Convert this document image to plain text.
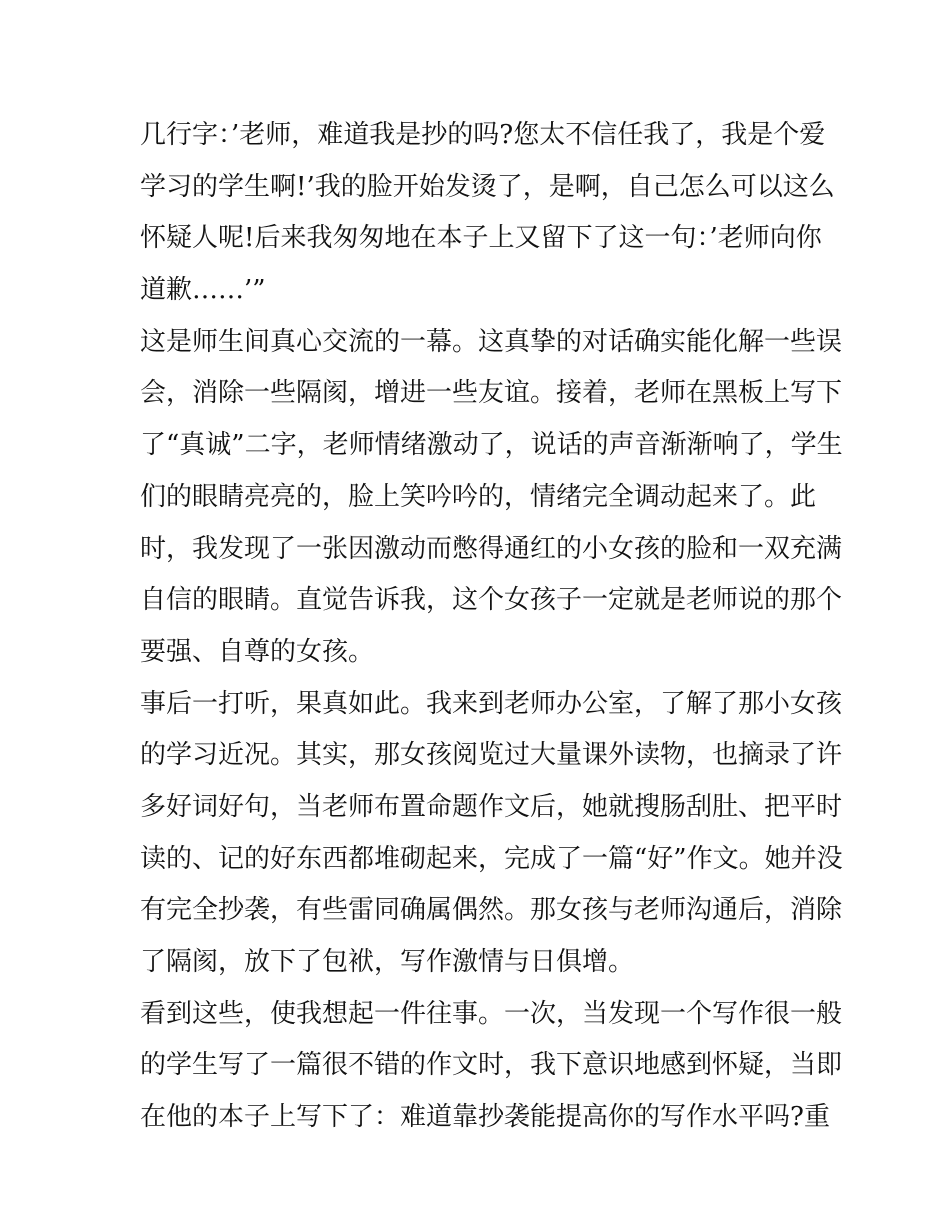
几行字：’老师，难道我是抄的吗?您太不信任我了，我是个爱
学习的学生啊!’我的脸开始发烫了，是啊，自己怎么可以这么
怀疑人呢!后来我匆匆地在本子上又留下了这一句：’老师向你
道歉……’”
这是师生间真心交流的一幕。这真挚的对话确实能化解一些误
会，消除一些隔阂，增进一些友谊。接着，老师在黑板上写下
了“真诚”二字，老师情绪激动了，说话的声音渐渐响了，学生
们的眼睛亮亮的，脸上笑吟吟的，情绪完全调动起来了。此
时，我发现了一张因激动而憋得通红的小女孩的脸和一双充满
自信的眼睛。直觉告诉我，这个女孩子一定就是老师说的那个
要强、自尊的女孩。
事后一打听，果真如此。我来到老师办公室，了解了那小女孩
的学习近况。其实，那女孩阅览过大量课外读物，也摘录了许
多好词好句，当老师布置命题作文后，她就搜肠刮肚、把平时
读的、记的好东西都堆砌起来，完成了一篇“好”作文。她并没
有完全抄袭，有些雷同确属偶然。那女孩与老师沟通后，消除
了隔阂，放下了包袱，写作激情与日俱增。
看到这些，使我想起一件往事。一次，当发现一个写作很一般
的学生写了一篇很不错的作文时，我下意识地感到怀疑，当即
在他的本子上写下了：难道靠抄袭能提高你的写作水平吗?重
